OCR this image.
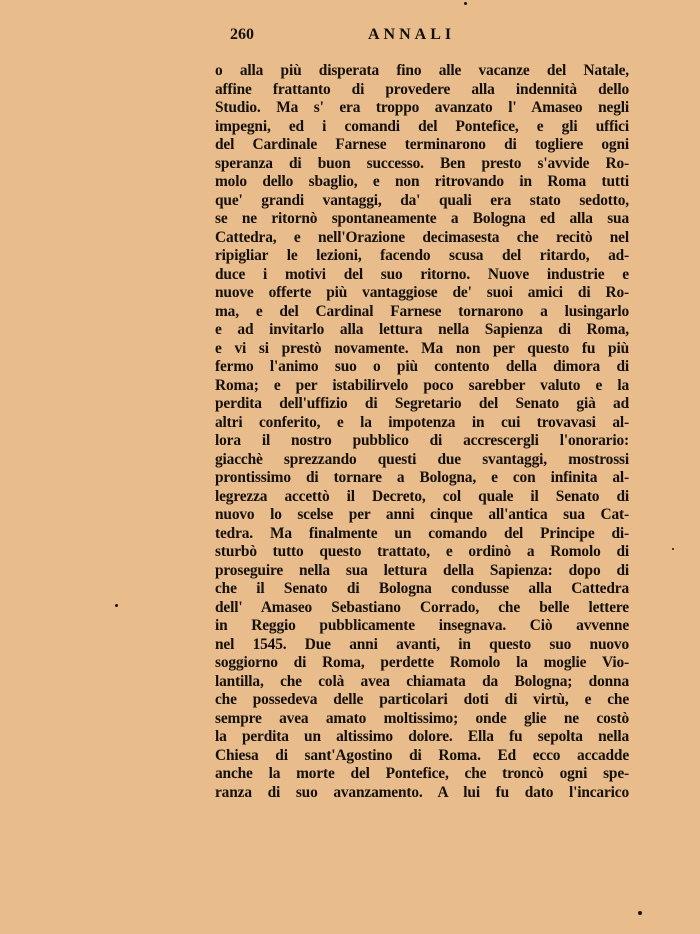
260	ANNALI
o alla più disperata fino alle vacanze del Natale,
affine frattanto di provedere alla indennità dello
Studio. Ma s' era troppo avanzato l' Amaseo negli
impegni, ed i comandi del Pontefice, e gli uffici
del Cardinale Farnese terminarono di togliere ogni
speranza di buon successo. Ben presto s'avvide Ro-
molo dello sbaglio, e non ritrovando in Roma tutti
que' grandi vantaggi, da' quali era stato sedotto,
se ne ritornò spontaneamente a Bologna ed alla sua
Cattedra, e nell'Orazione decimasesta che recitò nel
ripigliar le lezioni, facendo scusa del ritardo, ad-
duce i motivi del suo ritorno. Nuove industrie e
nuove offerte più vantaggiose de' suoi amici di Ro-
ma, e del Cardinal Farnese tornarono a lusingarlo
e ad invitarlo alla lettura nella Sapienza di Roma,
e vi si prestò novamente. Ma non per questo fu più
fermo l'animo suo o più contento della dimora di
Roma; e per istabilirvelo poco sarebber valuto e la
perdita dell'uffizio di Segretario del Senato già ad
altri conferito, e la impotenza in cui trovavasi al-
lora il nostro pubblico di accrescergli l'onorario:
giacchè sprezzando questi due svantaggi, mostrossi
prontissimo di tornare a Bologna, e con infinita al-
legrezza accettò il Decreto, col quale il Senato di
nuovo lo scelse per anni cinque all'antica sua Cat-
tedra. Ma finalmente un comando del Principe di-
sturbò tutto questo trattato, e ordinò a Romolo di
proseguire nella sua lettura della Sapienza: dopo di
che il Senato di Bologna condusse alla Cattedra
dell' Amaseo Sebastiano Corrado, che belle lettere
in Reggio pubblicamente insegnava. Ciò avvenne
nel 1545. Due anni avanti, in questo suo nuovo
soggiorno di Roma, perdette Romolo la moglie Vio-
lantilla, che colà avea chiamata da Bologna; donna
che possedeva delle particolari doti di virtù, e che
sempre avea amato moltissimo; onde glie ne costò
la perdita un altissimo dolore. Ella fu sepolta nella
Chiesa di sant'Agostino di Roma. Ed ecco accadde
anche la morte del Pontefice, che troncò ogni spe-
ranza di suo avanzamento. A lui fu dato l'incarico
